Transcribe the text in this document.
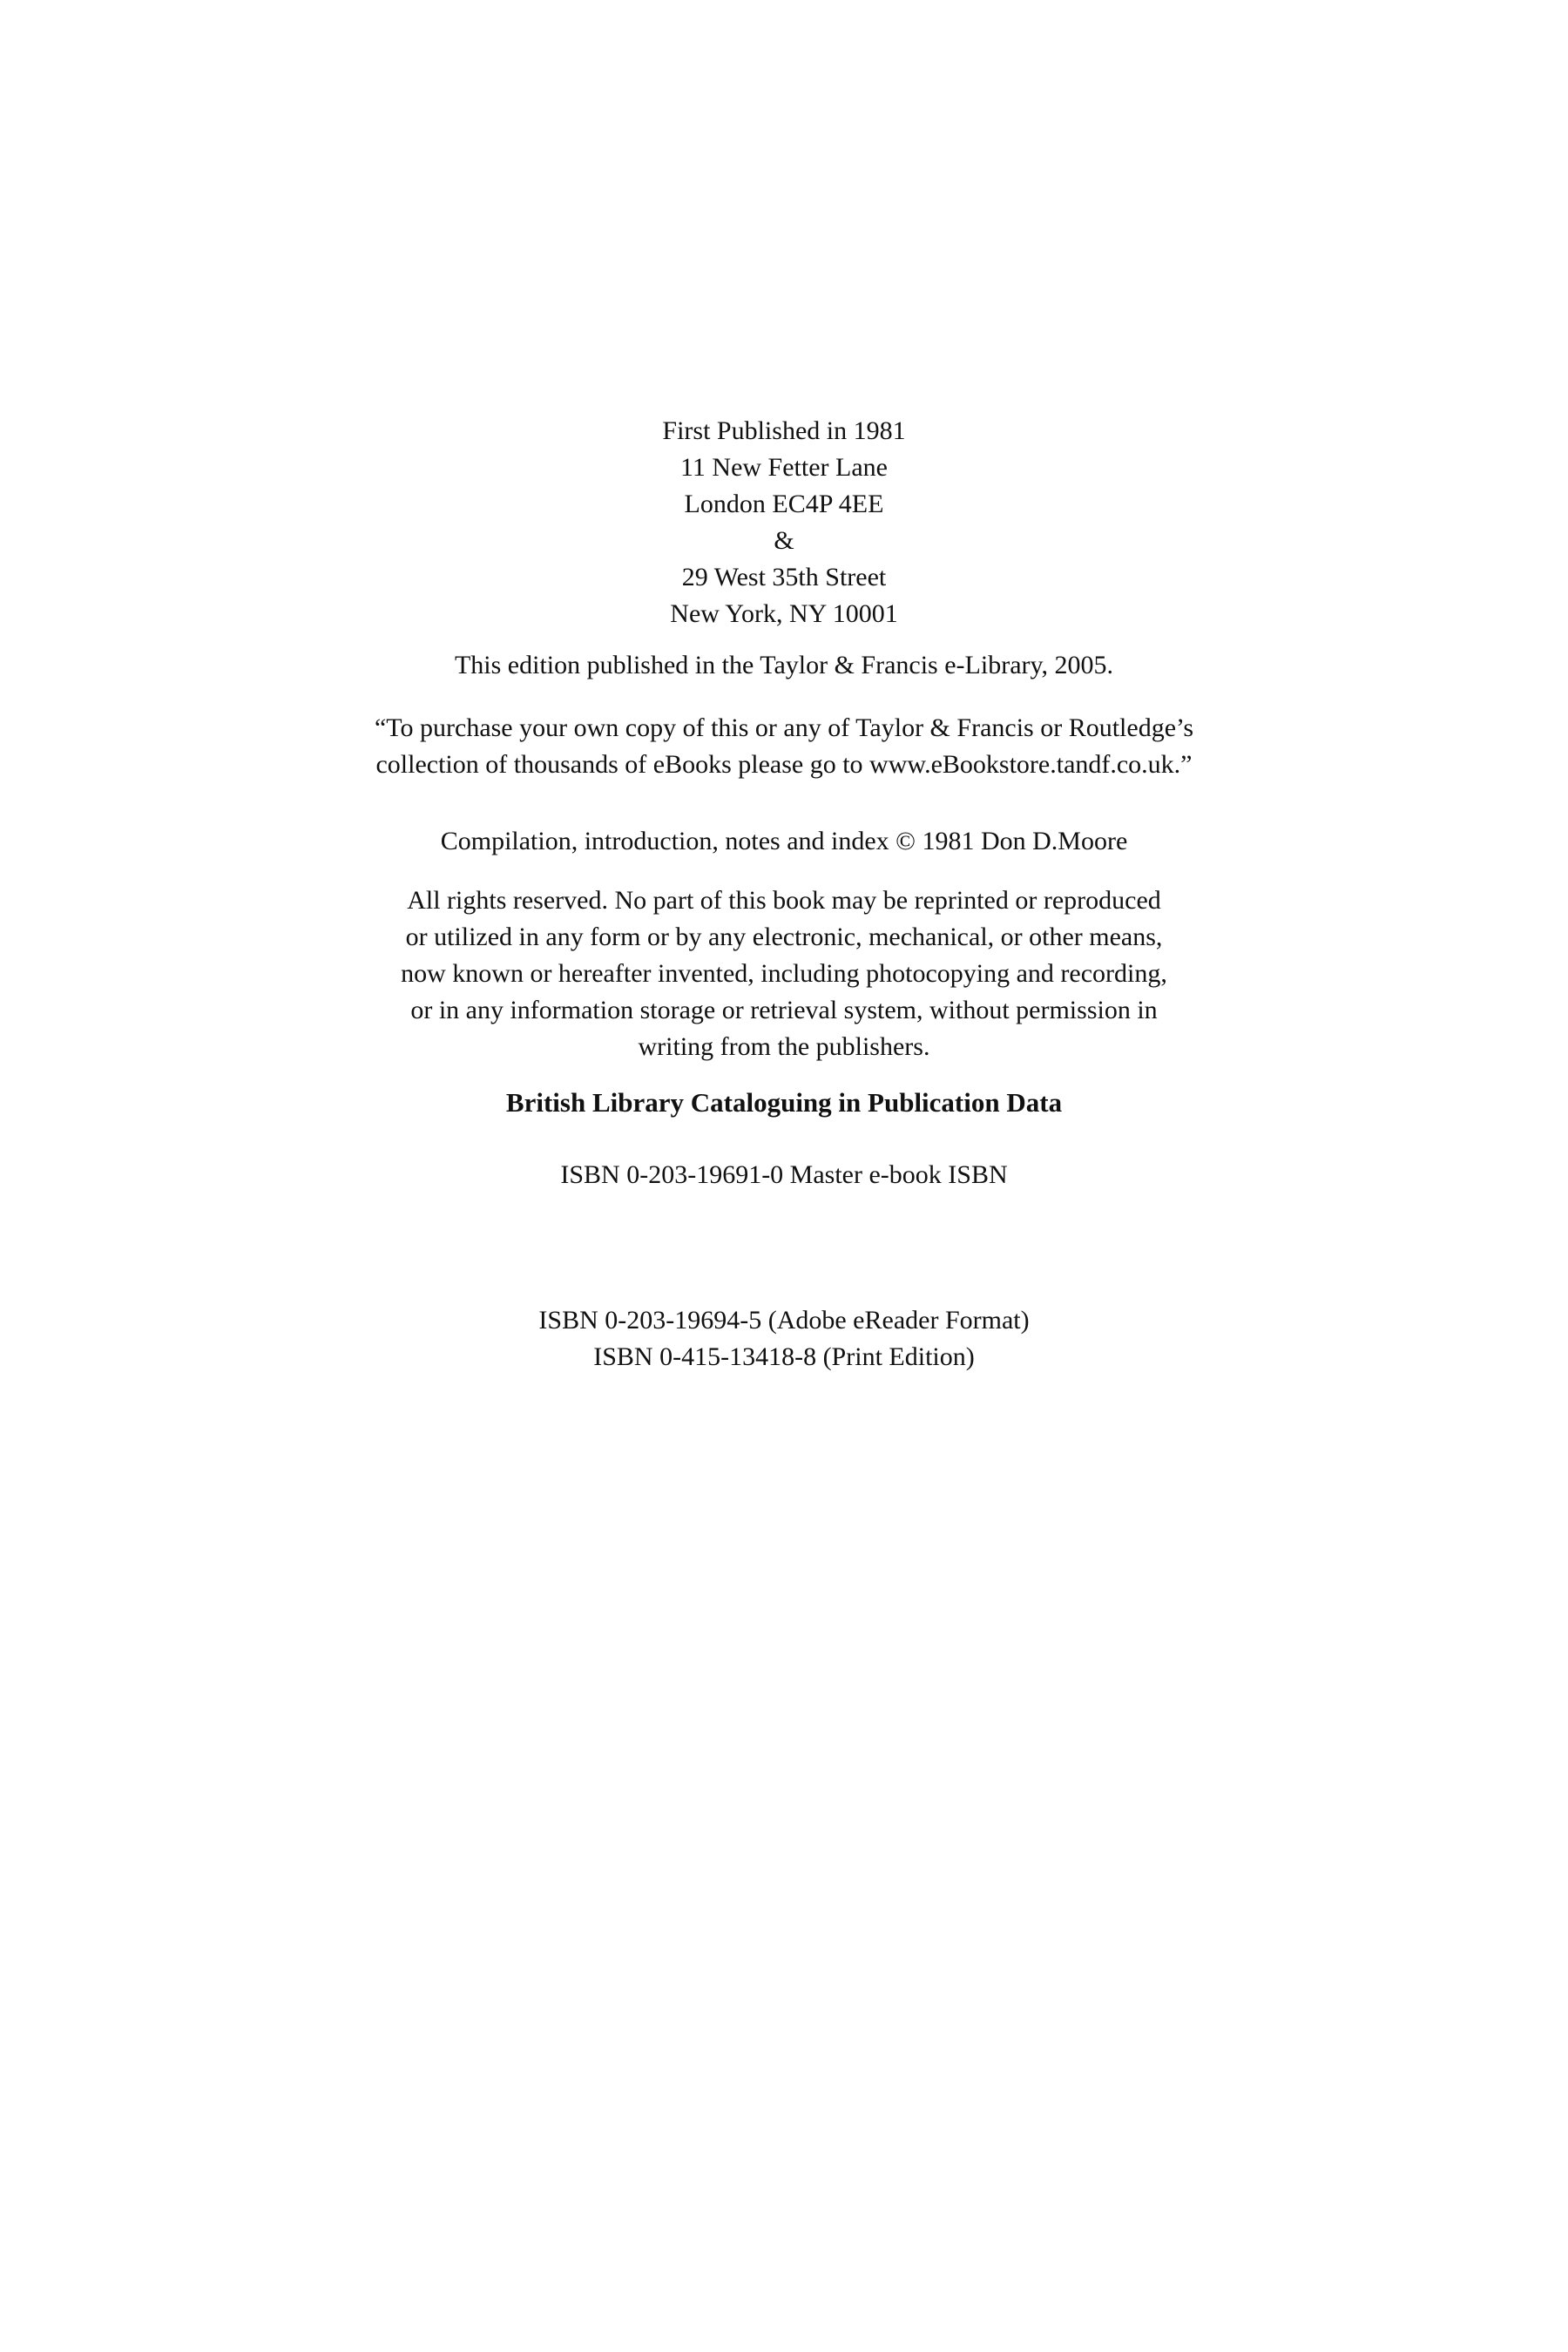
First Published in 1981
11 New Fetter Lane
London EC4P 4EE
&
29 West 35th Street
New York, NY 10001
This edition published in the Taylor & Francis e-Library, 2005.
“To purchase your own copy of this or any of Taylor & Francis or Routledge’s
collection of thousands of eBooks please go to www.eBookstore.tandf.co.uk.”
Compilation, introduction, notes and index © 1981 Don D.Moore
All rights reserved. No part of this book may be reprinted or reproduced
or utilized in any form or by any electronic, mechanical, or other means,
now known or hereafter invented, including photocopying and recording,
or in any information storage or retrieval system, without permission in
writing from the publishers.
British Library Cataloguing in Publication Data
ISBN 0-203-19691-0 Master e-book ISBN
ISBN 0-203-19694-5 (Adobe eReader Format)
ISBN 0-415-13418-8 (Print Edition)
